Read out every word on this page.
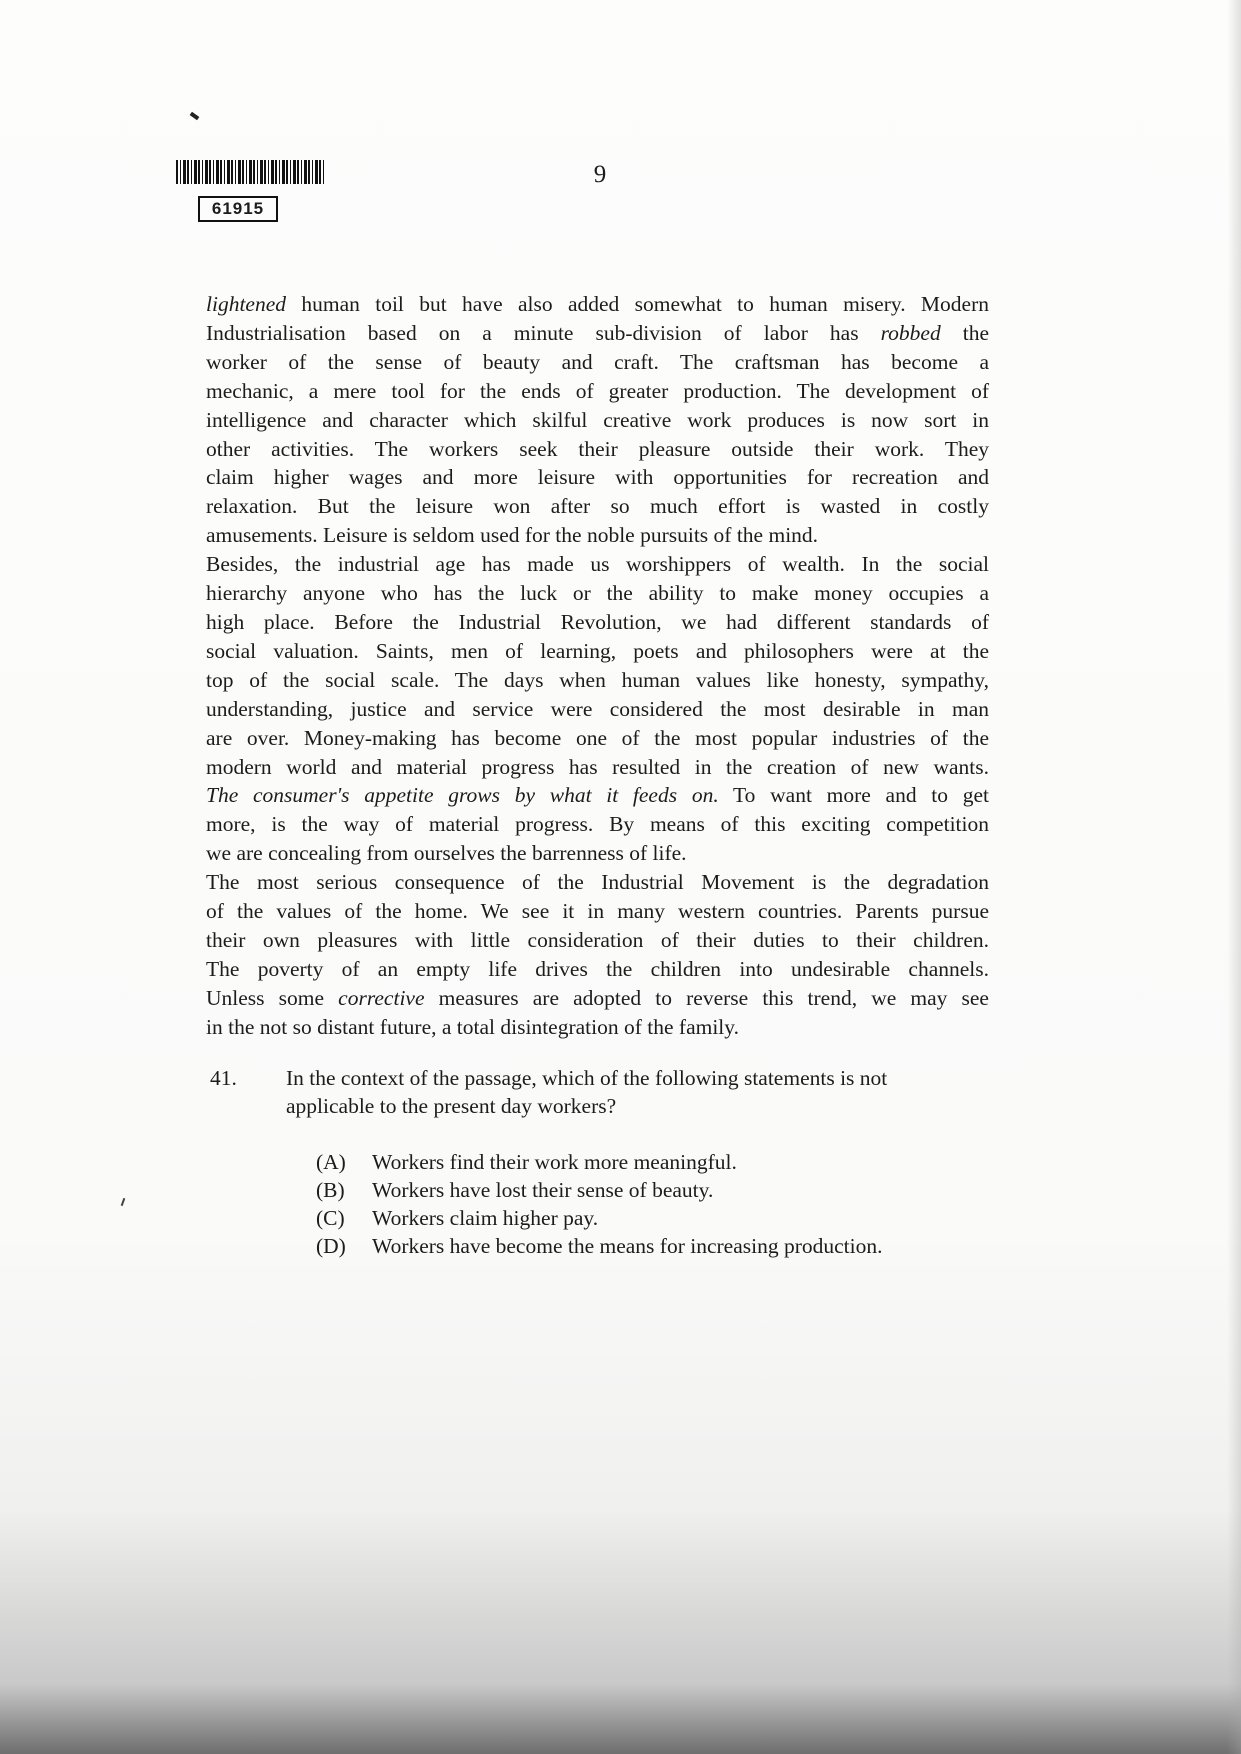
61915
9

lightened human toil but have also added somewhat to human misery. Modern
Industrialisation based on a minute sub-division of labor has robbed the
worker of the sense of beauty and craft. The craftsman has become a
mechanic, a mere tool for the ends of greater production. The development of
intelligence and character which skilful creative work produces is now sort in
other activities. The workers seek their pleasure outside their work. They
claim higher wages and more leisure with opportunities for recreation and
relaxation. But the leisure won after so much effort is wasted in costly
amusements. Leisure is seldom used for the noble pursuits of the mind.

Besides, the industrial age has made us worshippers of wealth. In the social
hierarchy anyone who has the luck or the ability to make money occupies a
high place. Before the Industrial Revolution, we had different standards of
social valuation. Saints, men of learning, poets and philosophers were at the
top of the social scale. The days when human values like honesty, sympathy,
understanding, justice and service were considered the most desirable in man
are over. Money-making has become one of the most popular industries of the
modern world and material progress has resulted in the creation of new wants.
The consumer's appetite grows by what it feeds on. To want more and to get
more, is the way of material progress. By means of this exciting competition
we are concealing from ourselves the barrenness of life.

The most serious consequence of the Industrial Movement is the degradation
of the values of the home. We see it in many western countries. Parents pursue
their own pleasures with little consideration of their duties to their children.
The poverty of an empty life drives the children into undesirable channels.
Unless some corrective measures are adopted to reverse this trend, we may see
in the not so distant future, a total disintegration of the family.

41.	In the context of the passage, which of the following statements is not
applicable to the present day workers?
(A)	Workers find their work more meaningful.
(B)	Workers have lost their sense of beauty.
(C)	Workers claim higher pay.
(D)	Workers have become the means for increasing production.
